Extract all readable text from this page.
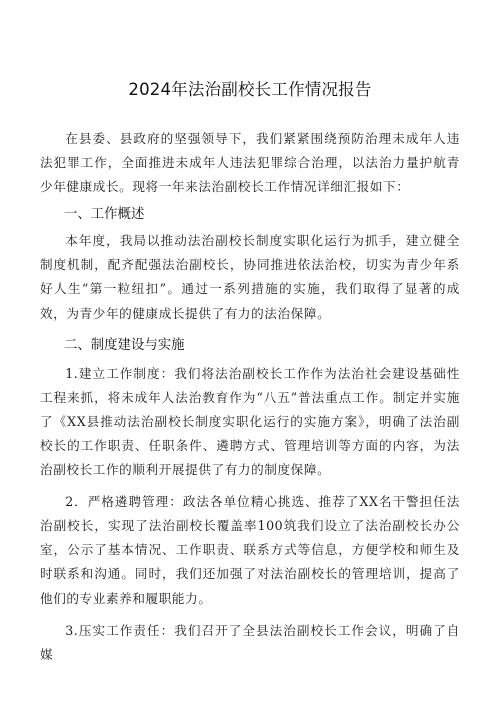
2024年法治副校长工作情况报告

在县委、县政府的坚强领导下，我们紧紧围绕预防治理未成年人违法犯罪工作，全面推进未成年人违法犯罪综合治理，以法治力量护航青少年健康成长。现将一年来法治副校长工作情况详细汇报如下：

一、工作概述

本年度，我局以推动法治副校长制度实职化运行为抓手，建立健全制度机制，配齐配强法治副校长，协同推进依法治校，切实为青少年系好人生“第一粒纽扣”。通过一系列措施的实施，我们取得了显著的成效，为青少年的健康成长提供了有力的法治保障。

二、制度建设与实施

1.建立工作制度：我们将法治副校长工作作为法治社会建设基础性工程来抓，将未成年人法治教育作为“八五”普法重点工作。制定并实施了《XX县推动法治副校长制度实职化运行的实施方案》，明确了法治副校长的工作职责、任职条件、遴聘方式、管理培训等方面的内容，为法治副校长工作的顺利开展提供了有力的制度保障。

2．严格遴聘管理：政法各单位精心挑选、推荐了XX名干警担任法治副校长，实现了法治副校长覆盖率100筑我们设立了法治副校长办公室，公示了基本情况、工作职责、联系方式等信息，方便学校和师生及时联系和沟通。同时，我们还加强了对法治副校长的管理培训，提高了他们的专业素养和履职能力。

3.压实工作责任：我们召开了全县法治副校长工作会议，明确了自媒
